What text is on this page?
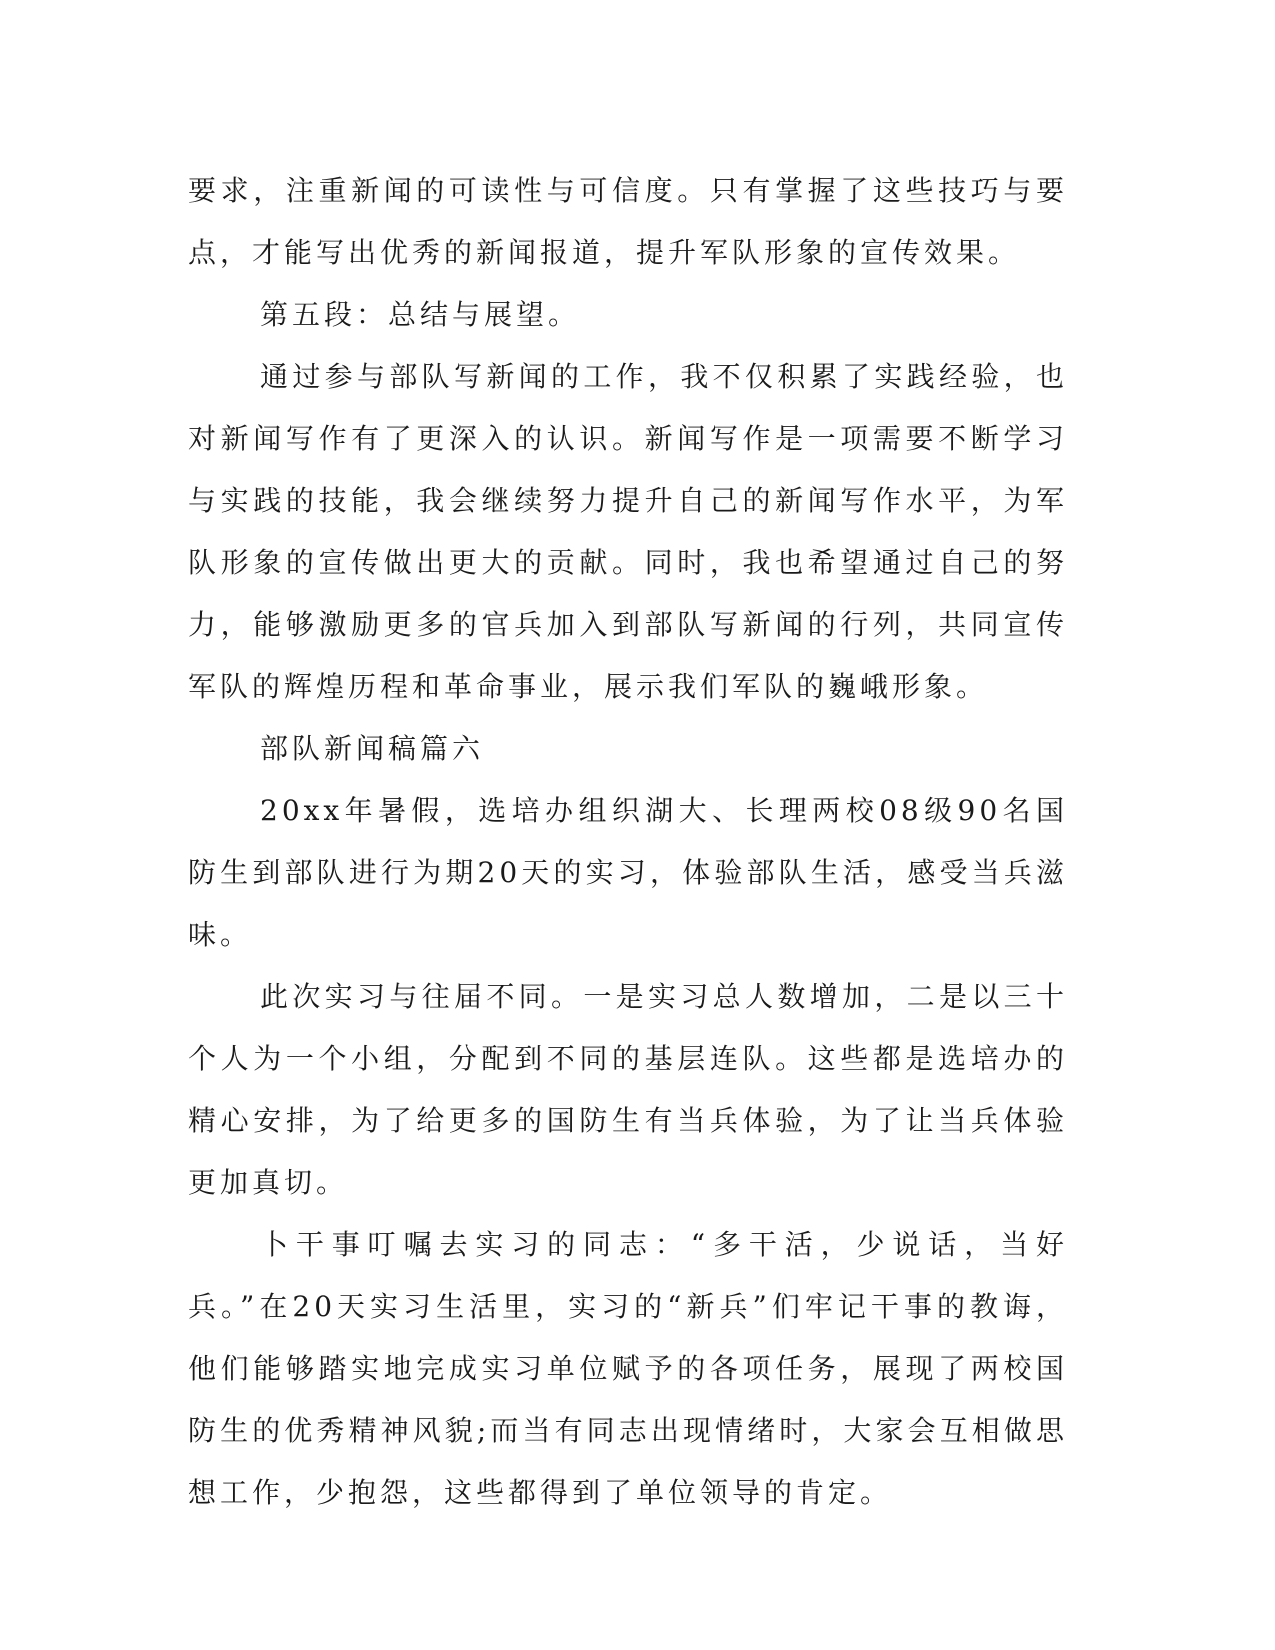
要求，注重新闻的可读性与可信度。只有掌握了这些技巧与要点，才能写出优秀的新闻报道，提升军队形象的宣传效果。

第五段：总结与展望。

通过参与部队写新闻的工作，我不仅积累了实践经验，也对新闻写作有了更深入的认识。新闻写作是一项需要不断学习与实践的技能，我会继续努力提升自己的新闻写作水平，为军队形象的宣传做出更大的贡献。同时，我也希望通过自己的努力，能够激励更多的官兵加入到部队写新闻的行列，共同宣传军队的辉煌历程和革命事业，展示我们军队的巍峨形象。

部队新闻稿篇六

20xx年暑假，选培办组织湖大、长理两校08级90名国防生到部队进行为期20天的实习，体验部队生活，感受当兵滋味。

此次实习与往届不同。一是实习总人数增加，二是以三十个人为一个小组，分配到不同的基层连队。这些都是选培办的精心安排，为了给更多的国防生有当兵体验，为了让当兵体验更加真切。

卜干事叮嘱去实习的同志：“多干活，少说话，当好兵。”在20天实习生活里，实习的“新兵”们牢记干事的教诲，他们能够踏实地完成实习单位赋予的各项任务，展现了两校国防生的优秀精神风貌;而当有同志出现情绪时，大家会互相做思想工作，少抱怨，这些都得到了单位领导的肯定。
